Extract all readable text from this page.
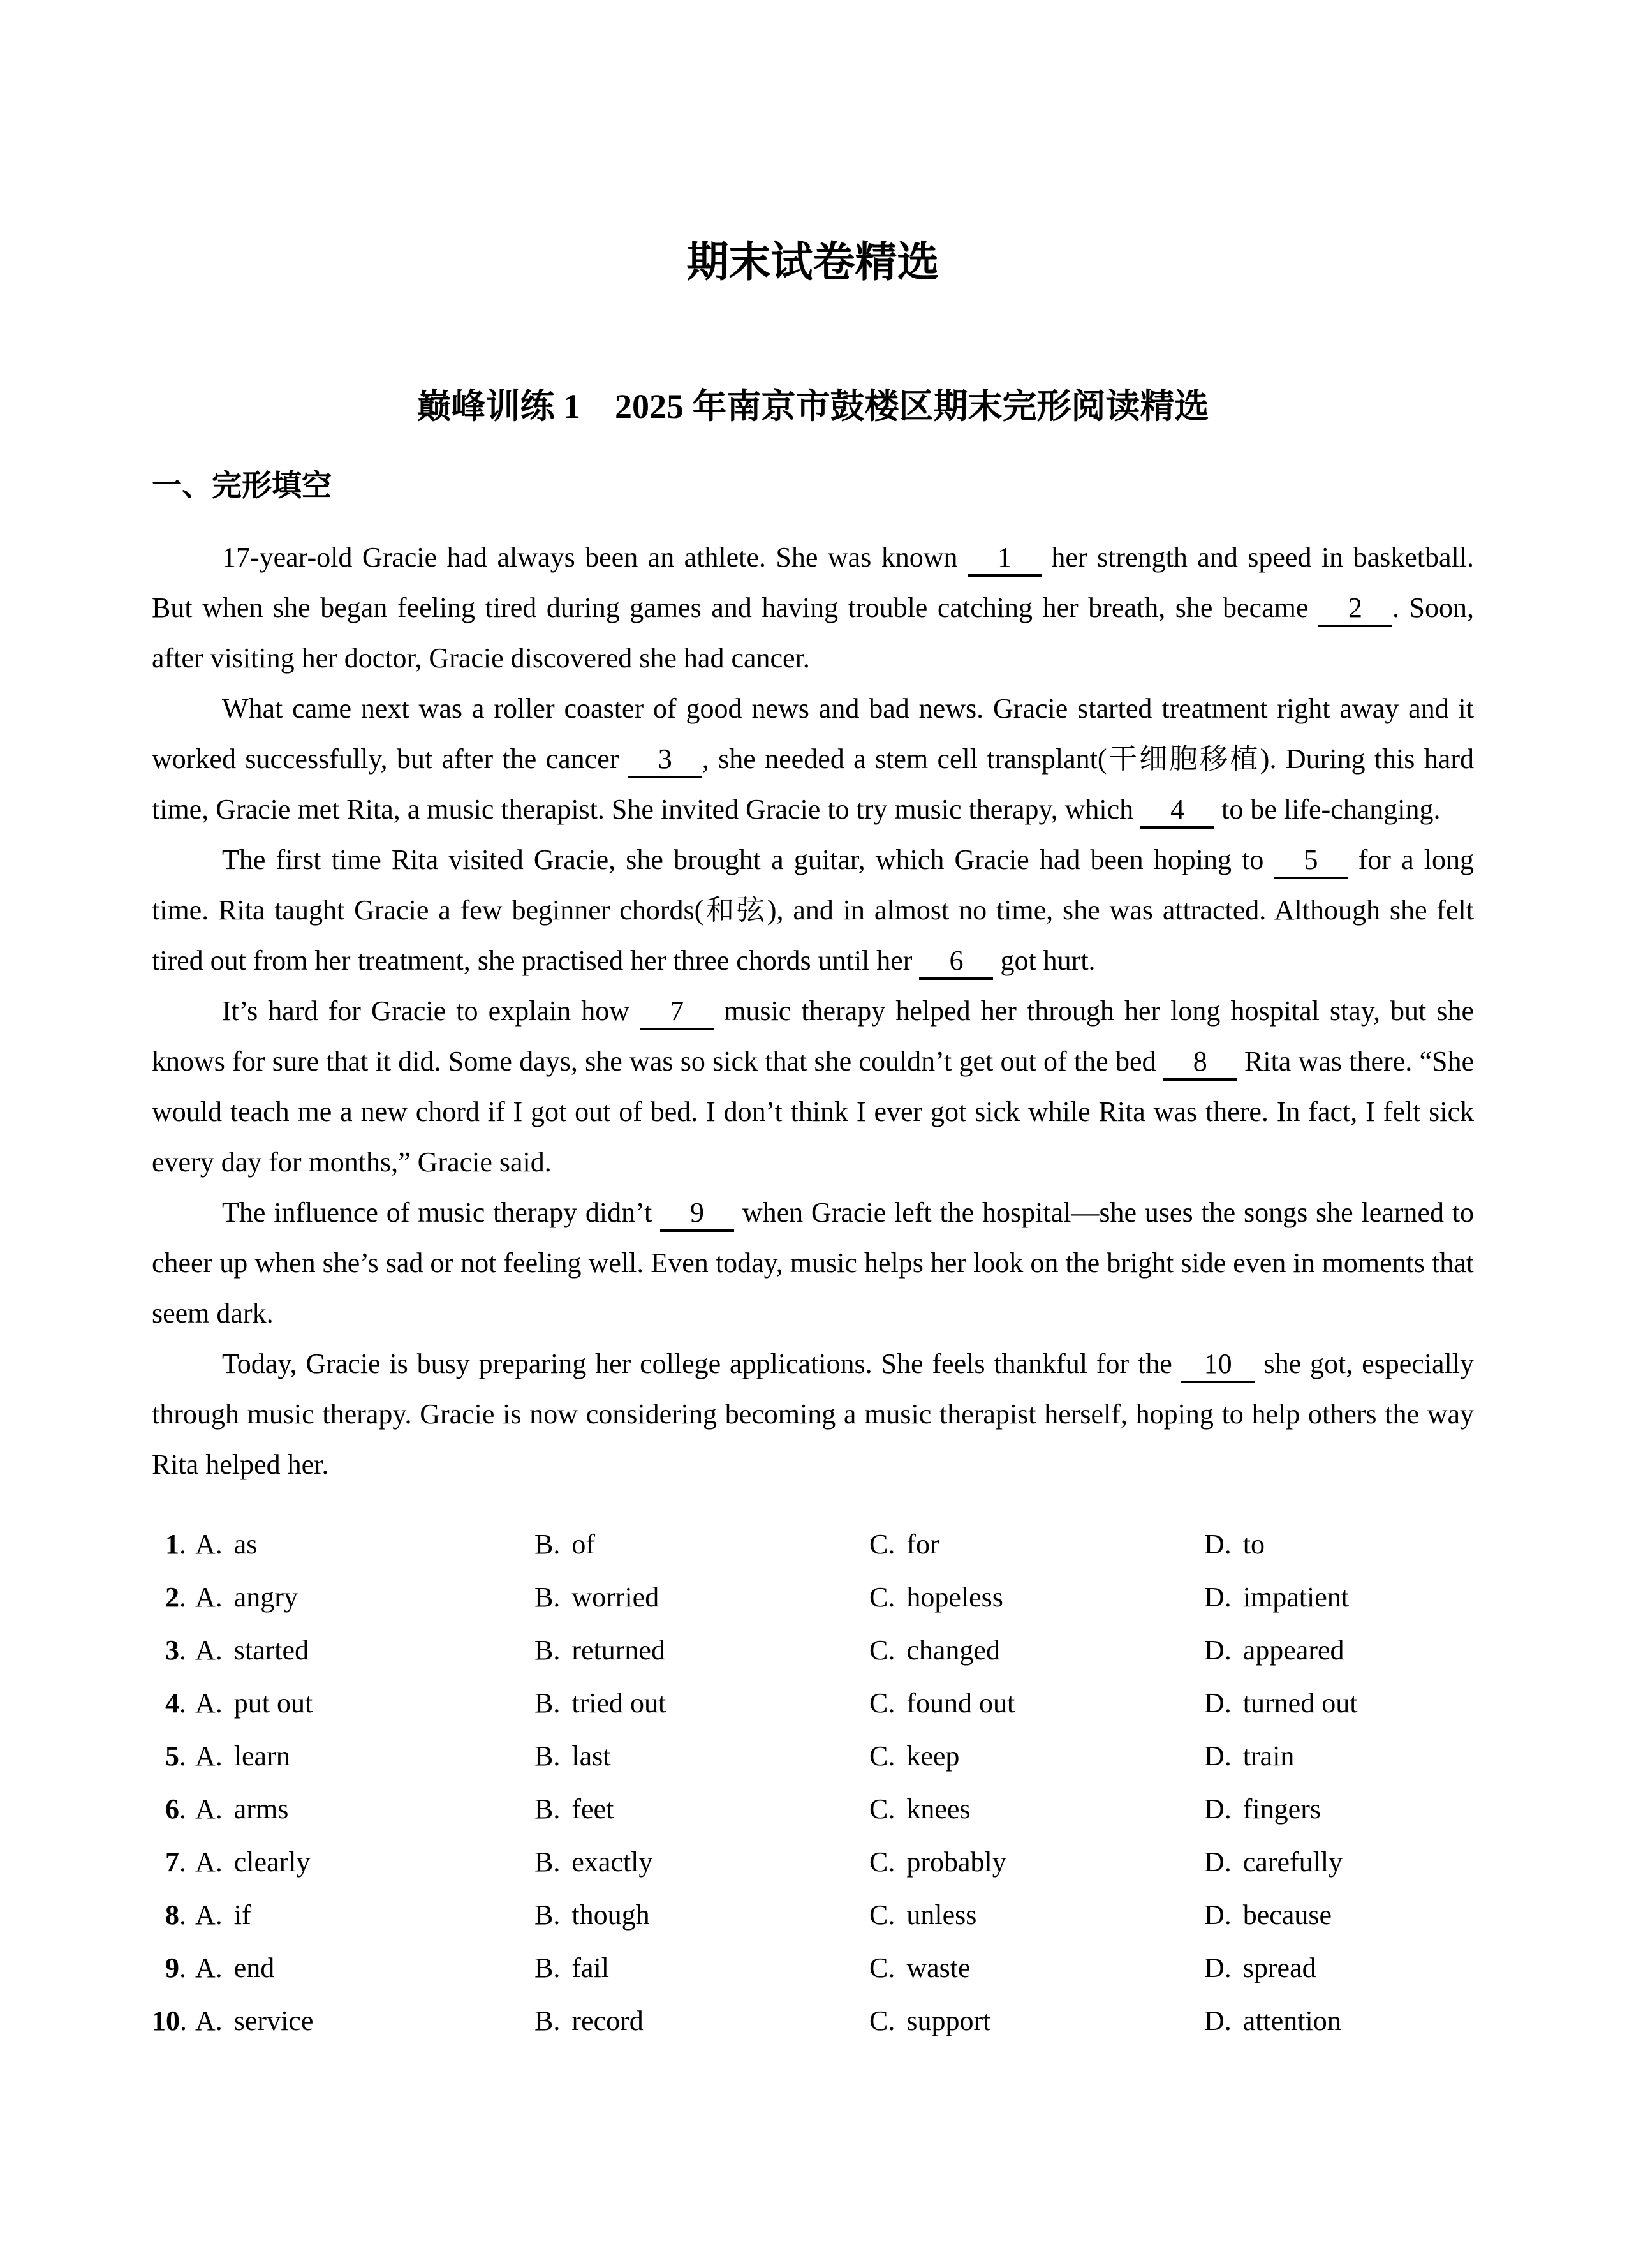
期末试卷精选
巅峰训练 1　2025 年南京市鼓楼区期末完形阅读精选
一、完形填空

17-year-old Gracie had always been an athlete. She was known 1 her strength and speed in basketball. But when she began feeling tired during games and having trouble catching her breath, she became 2 . Soon, after visiting her doctor, Gracie discovered she had cancer.

What came next was a roller coaster of good news and bad news. Gracie started treatment right away and it worked successfully, but after the cancer 3 , she needed a stem cell transplant(干细胞移植). During this hard time, Gracie met Rita, a music therapist. She invited Gracie to try music therapy, which 4 to be life-changing.

The first time Rita visited Gracie, she brought a guitar, which Gracie had been hoping to 5 for a long time. Rita taught Gracie a few beginner chords(和弦), and in almost no time, she was attracted. Although she felt tired out from her treatment, she practised her three chords until her 6 got hurt.

It’s hard for Gracie to explain how 7 music therapy helped her through her long hospital stay, but she knows for sure that it did. Some days, she was so sick that she couldn’t get out of the bed 8 Rita was there. “She would teach me a new chord if I got out of bed. I don’t think I ever got sick while Rita was there. In fact, I felt sick every day for months,” Gracie said.

The influence of music therapy didn’t 9 when Gracie left the hospital—she uses the songs she learned to cheer up when she’s sad or not feeling well. Even today, music helps her look on the bright side even in moments that seem dark.

Today, Gracie is busy preparing her college applications. She feels thankful for the 10 she got, especially through music therapy. Gracie is now considering becoming a music therapist herself, hoping to help others the way Rita helped her.

1. A. as	B. of	C. for	D. to
2. A. angry	B. worried	C. hopeless	D. impatient
3. A. started	B. returned	C. changed	D. appeared
4. A. put out	B. tried out	C. found out	D. turned out
5. A. learn	B. last	C. keep	D. train
6. A. arms	B. feet	C. knees	D. fingers
7. A. clearly	B. exactly	C. probably	D. carefully
8. A. if	B. though	C. unless	D. because
9. A. end	B. fail	C. waste	D. spread
10. A. service	B. record	C. support	D. attention
